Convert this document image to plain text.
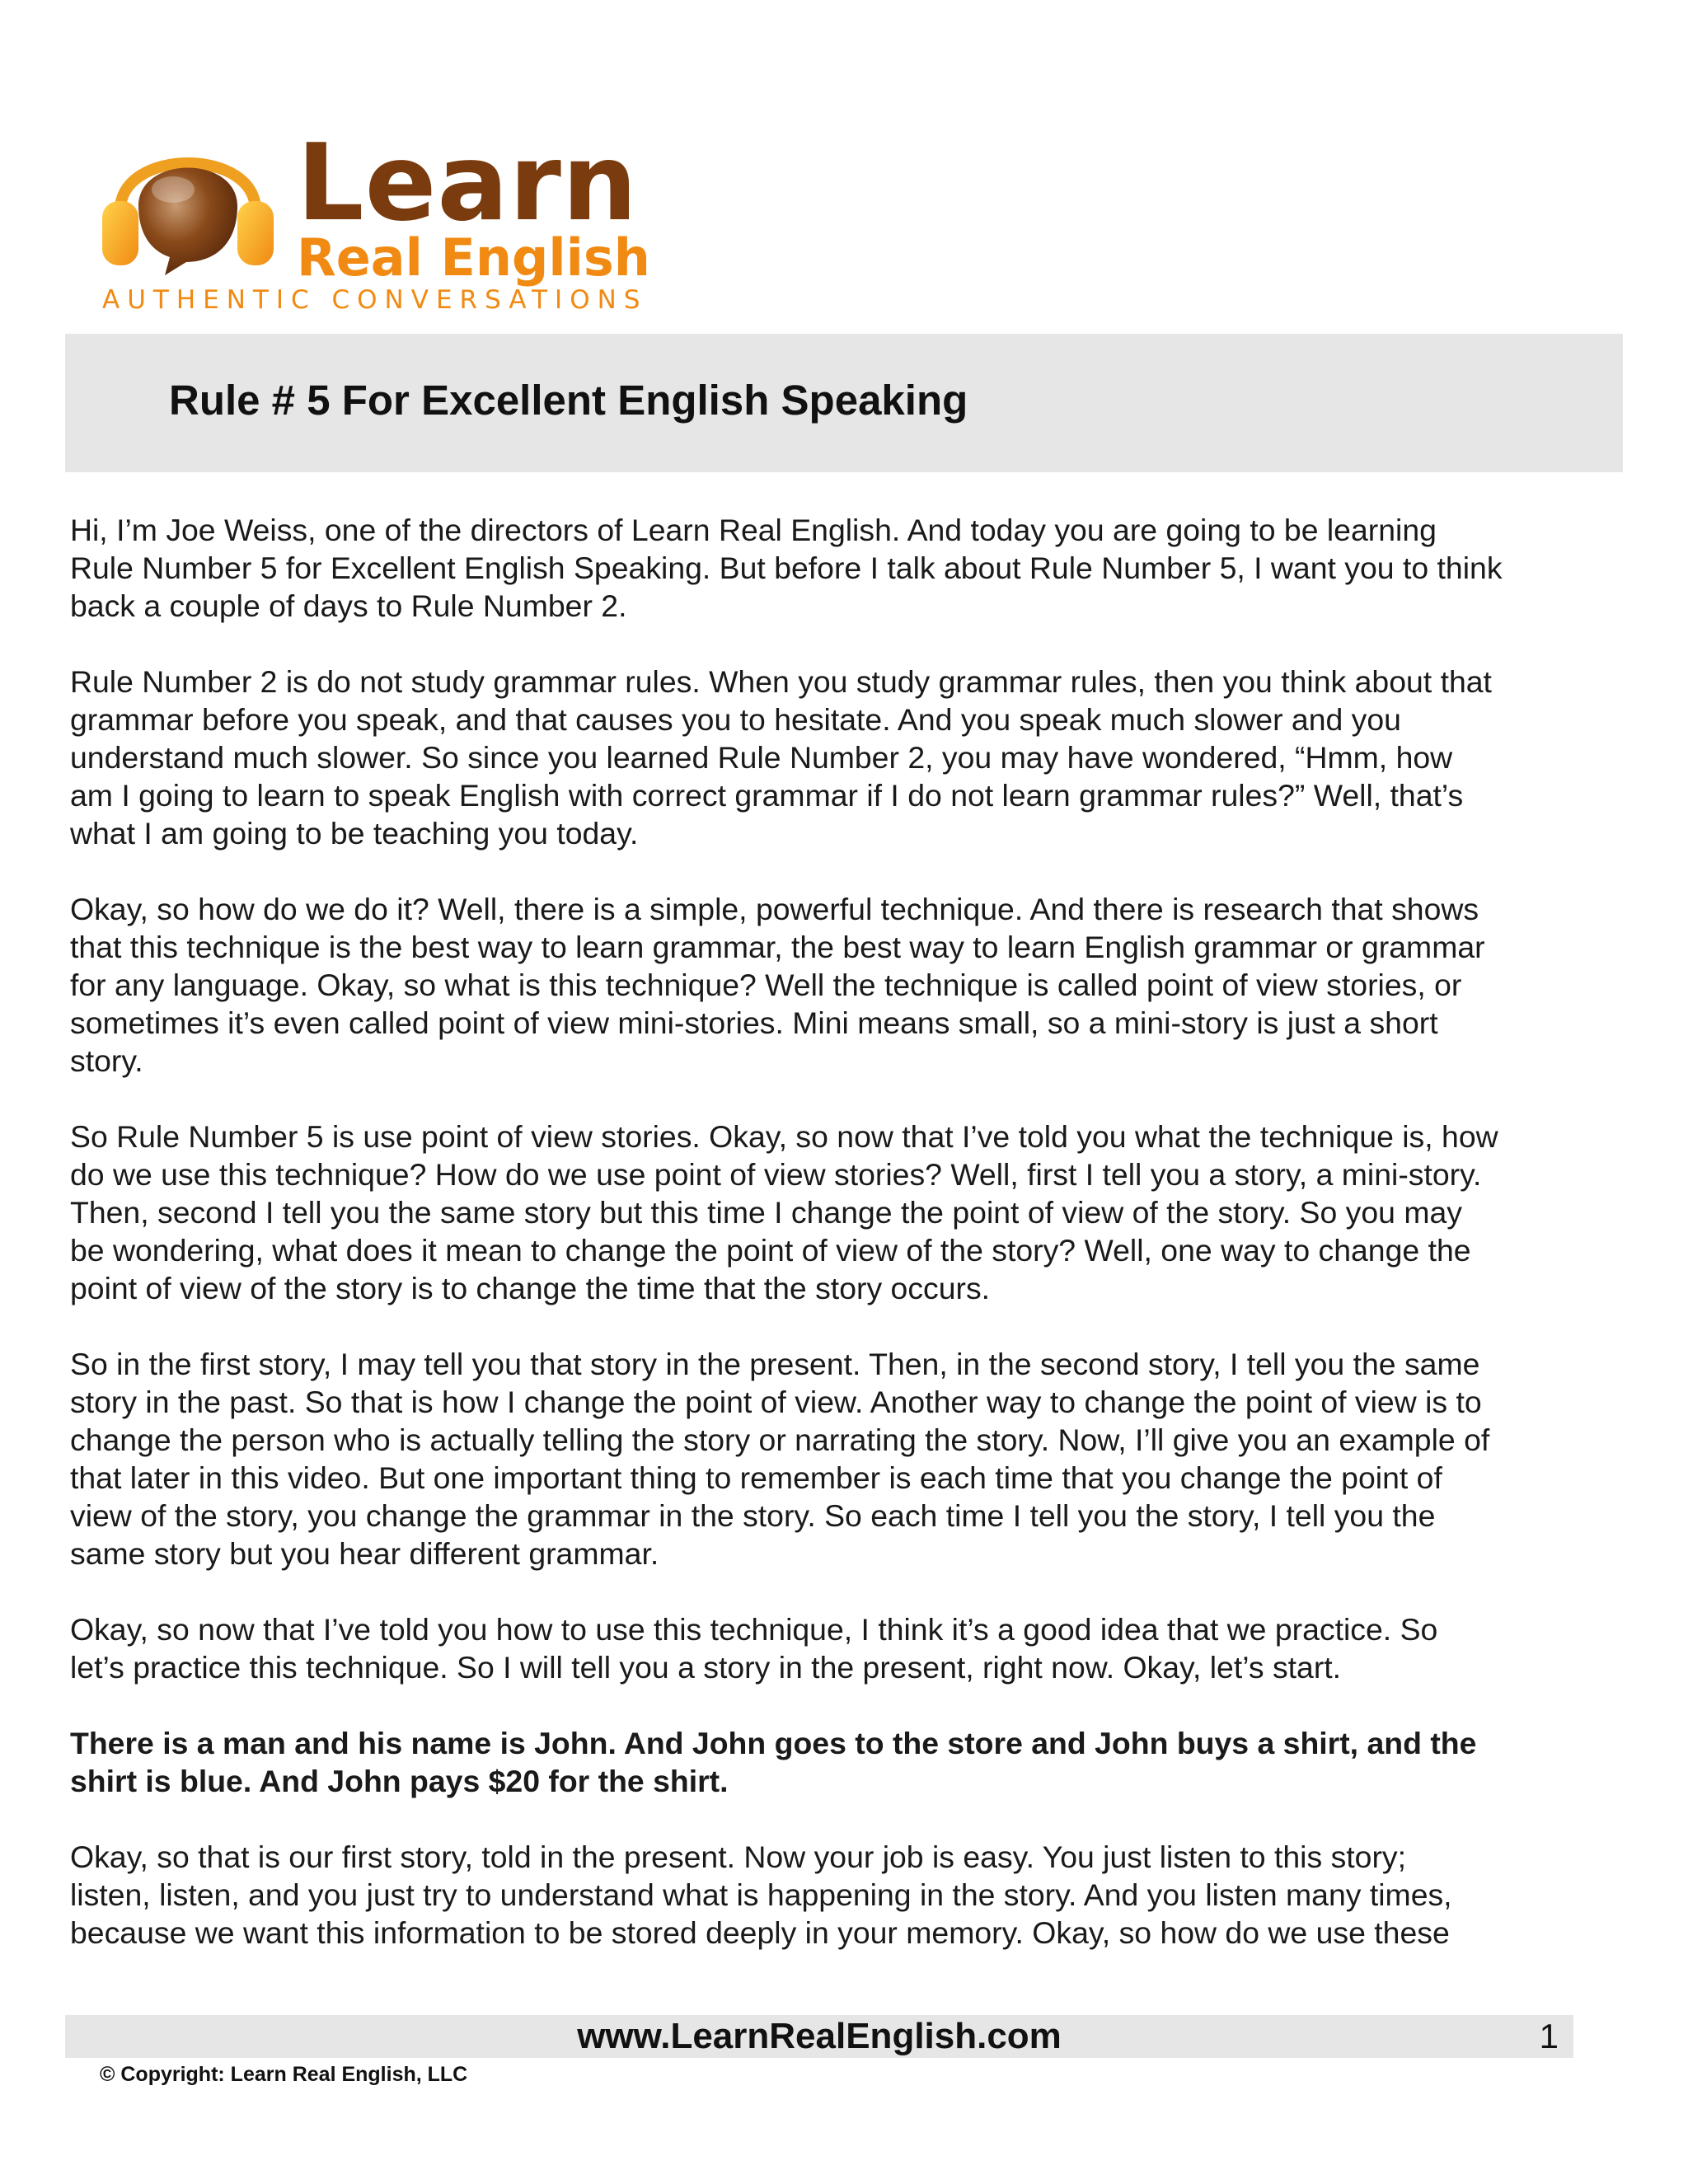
Learn
Real English
AUTHENTIC CONVERSATIONS
Rule # 5 For Excellent English Speaking

Hi, I’m Joe Weiss, one of the directors of Learn Real English. And today you are going to be learning
Rule Number 5 for Excellent English Speaking. But before I talk about Rule Number 5, I want you to think
back a couple of days to Rule Number 2.

Rule Number 2 is do not study grammar rules. When you study grammar rules, then you think about that
grammar before you speak, and that causes you to hesitate. And you speak much slower and you
understand much slower. So since you learned Rule Number 2, you may have wondered, “Hmm, how
am I going to learn to speak English with correct grammar if I do not learn grammar rules?” Well, that’s
what I am going to be teaching you today.

Okay, so how do we do it? Well, there is a simple, powerful technique. And there is research that shows
that this technique is the best way to learn grammar, the best way to learn English grammar or grammar
for any language. Okay, so what is this technique? Well the technique is called point of view stories, or
sometimes it’s even called point of view mini-stories. Mini means small, so a mini-story is just a short
story.

So Rule Number 5 is use point of view stories. Okay, so now that I’ve told you what the technique is, how
do we use this technique? How do we use point of view stories? Well, first I tell you a story, a mini-story.
Then, second I tell you the same story but this time I change the point of view of the story. So you may
be wondering, what does it mean to change the point of view of the story? Well, one way to change the
point of view of the story is to change the time that the story occurs.

So in the first story, I may tell you that story in the present. Then, in the second story, I tell you the same
story in the past. So that is how I change the point of view. Another way to change the point of view is to
change the person who is actually telling the story or narrating the story. Now, I’ll give you an example of
that later in this video. But one important thing to remember is each time that you change the point of
view of the story, you change the grammar in the story. So each time I tell you the story, I tell you the
same story but you hear different grammar.

Okay, so now that I’ve told you how to use this technique, I think it’s a good idea that we practice. So
let’s practice this technique. So I will tell you a story in the present, right now. Okay, let’s start.

There is a man and his name is John. And John goes to the store and John buys a shirt, and the
shirt is blue. And John pays $20 for the shirt.

Okay, so that is our first story, told in the present. Now your job is easy. You just listen to this story;
listen, listen, and you just try to understand what is happening in the story. And you listen many times,
because we want this information to be stored deeply in your memory. Okay, so how do we use these

www.LearnRealEnglish.com	1
© Copyright: Learn Real English, LLC
